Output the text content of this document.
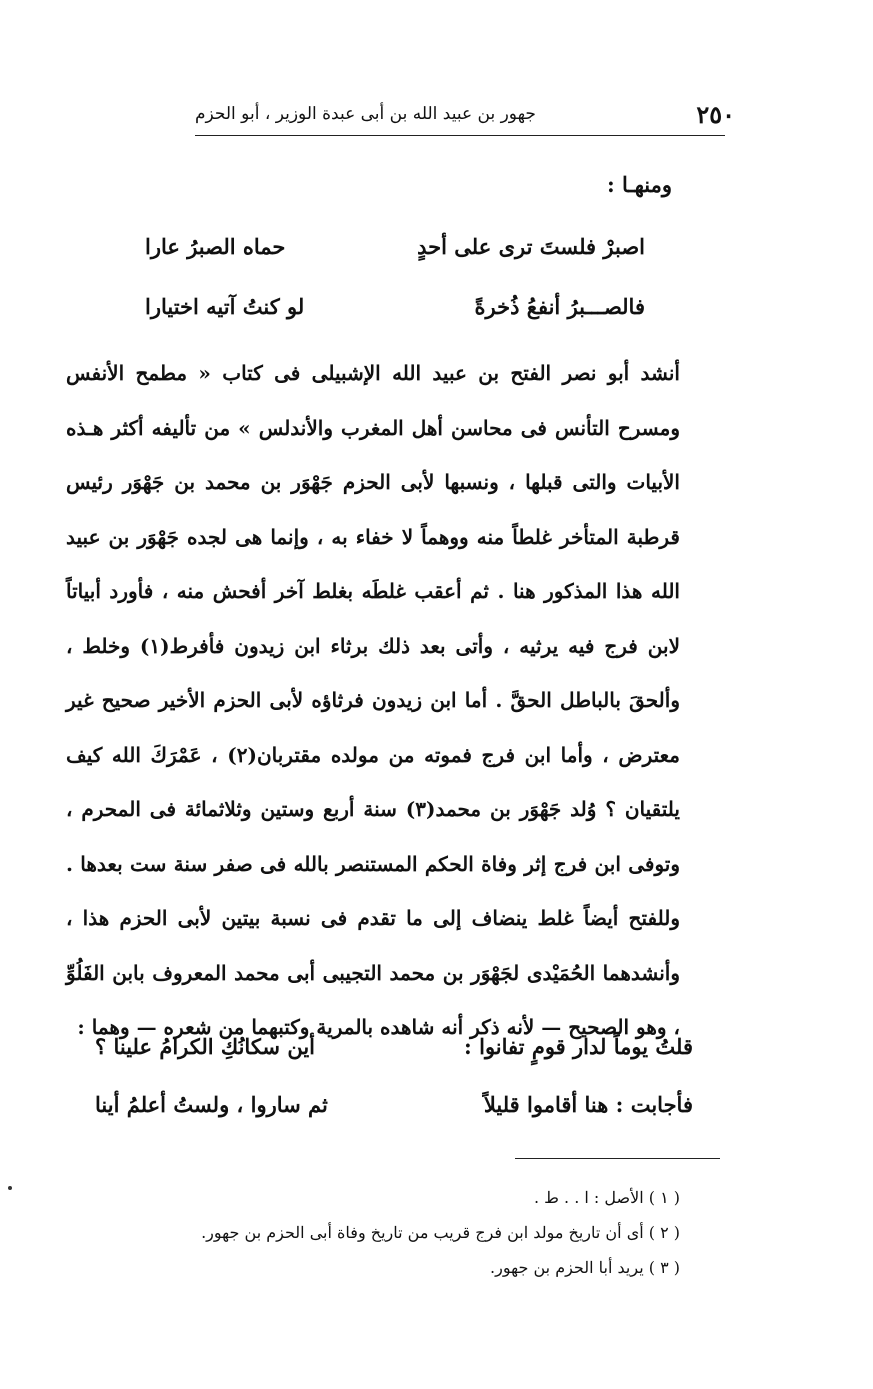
٢٥٠
جهور بن عبيد الله بن أبى عبدة الوزير ، أبو الحزم
ومنهـا :
اصبرْ فلستَ ترى على أحدٍ
حماه الصبرُ عارا
فالصـــبرُ أنفعُ ذُخرةً
لو كنتُ آتيه اختيارا
أنشد أبو نصر الفتح بن عبيد الله الإشبيلى فى كتاب « مطمح الأنفس ومسرح التأنس فى محاسن أهل المغرب والأندلس » من تأليفه أكثر هـذه الأبيات والتى قبلها ، ونسبها لأبى الحزم جَهْوَر بن محمد بن جَهْوَر رئيس قرطبة المتأخر غلطاً منه ووهماً لا خفاء به ، وإنما هى لجده جَهْوَر بن عبيد الله هذا المذكور هنا . ثم أعقب غلطَه بغلط آخر أفحش منه ، فأورد أبياتاً لابن فرج فيه يرثيه ، وأتى بعد ذلك برثاء ابن زيدون فأفرط(١) وخلط ، وألحقَ بالباطل الحقَّ . أما ابن زيدون فرثاؤه لأبى الحزم الأخير صحيح غير معترض ، وأما ابن فرج فموته من مولده مقتربان(٢) ، عَمْرَكَ الله كيف يلتقيان ؟ وُلد جَهْوَر بن محمد(٣) سنة أربع وستين وثلاثمائة فى المحرم ، وتوفى ابن فرج إثر وفاة الحكم المستنصر بالله فى صفر سنة ست بعدها . وللفتح أيضاً غلط ينضاف إلى ما تقدم فى نسبة بيتين لأبى الحزم هذا ، وأنشدهما الحُمَيْدى لجَهْوَر بن محمد التجيبى أبى محمد المعروف بابن الفَلُوِّ ، وهو الصحيح — لأنه ذكر أنه شاهده بالمرية وكتبهما من شعره — وهما :
قلتُ يوماً لدار قومٍ تفانوا :
أين سكانُكِ الكرامُ علينا ؟
فأجابت : هنا أقاموا قليلاً
ثم ساروا ، ولستُ أعلمُ أينا
( ١ ) الأصل : ا . . ط .
( ٢ ) أى أن تاريخ مولد ابن فرج قريب من تاريخ وفاة أبى الحزم بن جهور.
( ٣ ) يريد أبا الحزم بن جهور.
